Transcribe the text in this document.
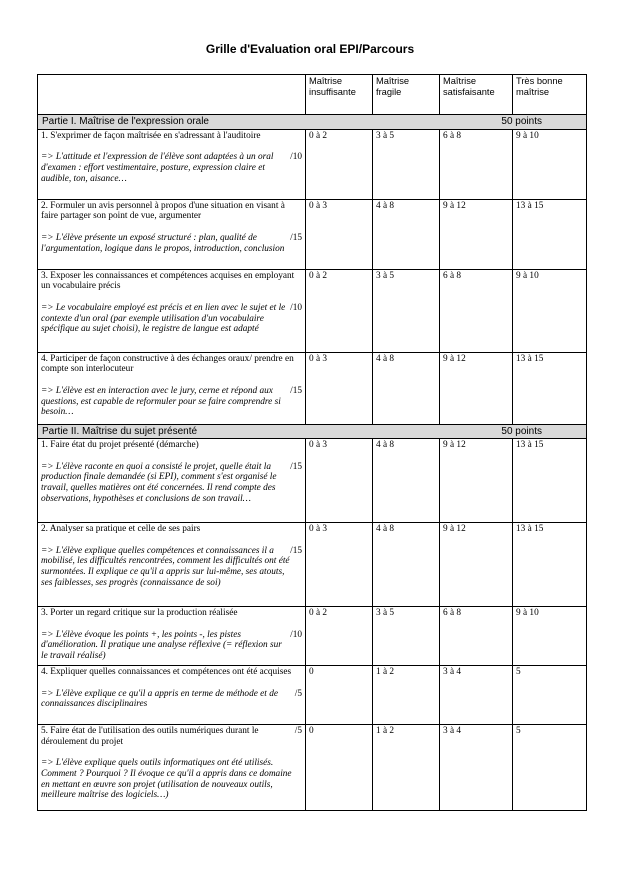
Grille d'Evaluation oral EPI/Parcours
	Maîtrise insuffisante	Maîtrise fragile	Maîtrise satisfaisante	Très bonne maîtrise

Partie I. Maîtrise de l'expression orale 50 points				

1. S'exprimer de façon maîtrisée en s'adressant à l'auditoire
=> L'attitude et l'expression de l'élève sont adaptées à un oral d'examen : effort vestimentaire, posture, expression claire et audible, ton, aisance…
/10	0 à 2	3 à 5	6 à 8	9 à 10

2. Formuler un avis personnel à propos d'une situation en visant à faire partager son point de vue, argumenter
=> L'élève présente un exposé structuré : plan, qualité de l'argumentation, logique dans le propos, introduction, conclusion
/15	0 à 3	4 à 8	9 à 12	13 à 15

3. Exposer les connaissances et compétences acquises en employant un vocabulaire précis
=> Le vocabulaire employé est précis et en lien avec le sujet et le contexte d'un oral (par exemple utilisation d'un vocabulaire spécifique au sujet choisi), le registre de langue est adapté
/10	0 à 2	3 à 5	6 à 8	9 à 10

4. Participer de façon constructive à des échanges oraux/ prendre en compte son interlocuteur
=> L'élève est en interaction avec le jury, cerne et répond aux questions, est capable de reformuler pour se faire comprendre si besoin…
/15	0 à 3	4 à 8	9 à 12	13 à 15

Partie II. Maîtrise du sujet présenté 50 points				

1. Faire état du projet présenté (démarche)
=> L'élève raconte en quoi a consisté le projet, quelle était la production finale demandée (si EPI), comment s'est organisé le travail, quelles matières ont été concernées. Il rend compte des observations, hypothèses et conclusions de son travail…
/15	0 à 3	4 à 8	9 à 12	13 à 15

2. Analyser sa pratique et celle de ses pairs
=> L'élève explique quelles compétences et connaissances il a mobilisé, les difficultés rencontrées, comment les difficultés ont été surmontées. Il explique ce qu'il a appris sur lui-même, ses atouts, ses faiblesses, ses progrès (connaissance de soi)
/15	0 à 3	4 à 8	9 à 12	13 à 15

3. Porter un regard critique sur la production réalisée
=> L'élève évoque les points +, les points -, les pistes d'amélioration. Il pratique une analyse réflexive (= réflexion sur le travail réalisé)
/10	0 à 2	3 à 5	6 à 8	9 à 10

4. Expliquer quelles connaissances et compétences ont été acquises
=> L'élève explique ce qu'il a appris en terme de méthode et de connaissances disciplinaires
/5	0	1 à 2	3 à 4	5

5. Faire état de l'utilisation des outils numériques durant le déroulement du projet
/5
=> L'élève explique quels outils informatiques ont été utilisés. Comment ? Pourquoi ? Il évoque ce qu'il a appris dans ce domaine en mettant en œuvre son projet (utilisation de nouveaux outils, meilleure maîtrise des logiciels…)	0	1 à 2	3 à 4	5
